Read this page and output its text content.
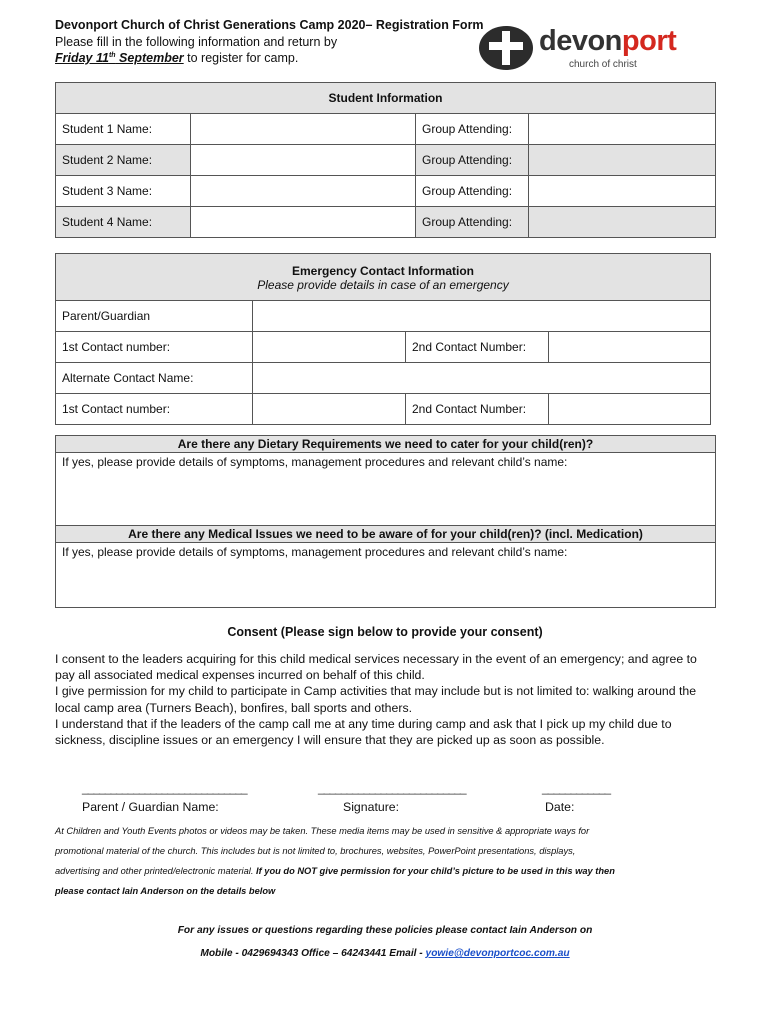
Devonport Church of Christ Generations Camp 2020– Registration Form
Please fill in the following information and return by
Friday 11th September to register for camp.
devonport
church of christ
Student Information			
Student 1 Name:		Group Attending:	
Student 2 Name:		Group Attending:	
Student 3 Name:		Group Attending:	
Student 4 Name:		Group Attending:	
Emergency Contact Information
Please provide details in case of an emergency			

Parent/Guardian			
1st Contact number:		2nd Contact Number:	
Alternate Contact Name:			
1st Contact number:		2nd Contact Number:	
Are there any Dietary Requirements we need to cater for your child(ren)?
If yes, please provide details of symptoms, management procedures and relevant child’s name:
Are there any Medical Issues we need to be aware of for your child(ren)? (incl. Medication)
If yes, please provide details of symptoms, management procedures and relevant child’s name:
Consent (Please sign below to provide your consent)
I consent to the leaders acquiring for this child medical services necessary in the event of an emergency; and agree to pay all associated medical expenses incurred on behalf of this child.
I give permission for my child to participate in Camp activities that may include but is not limited to: walking around the local camp area (Turners Beach), bonfires, ball sports and others.
I understand that if the leaders of the camp call me at any time during camp and ask that I pick up my child due to sickness, discipline issues or an emergency I will ensure that they are picked up as soon as possible.
_____________________________	__________________________	____________
Parent / Guardian Name:	Signature:	Date:
At Children and Youth Events photos or videos may be taken. These media items may be used in sensitive & appropriate ways for
promotional material of the church. This includes but is not limited to, brochures, websites, PowerPoint presentations, displays,
advertising and other printed/electronic material. If you do NOT give permission for your child’s picture to be used in this way then
please contact Iain Anderson on the details below
For any issues or questions regarding these policies please contact Iain Anderson on
Mobile - 0429694343 Office – 64243441 Email - yowie@devonportcoc.com.au
